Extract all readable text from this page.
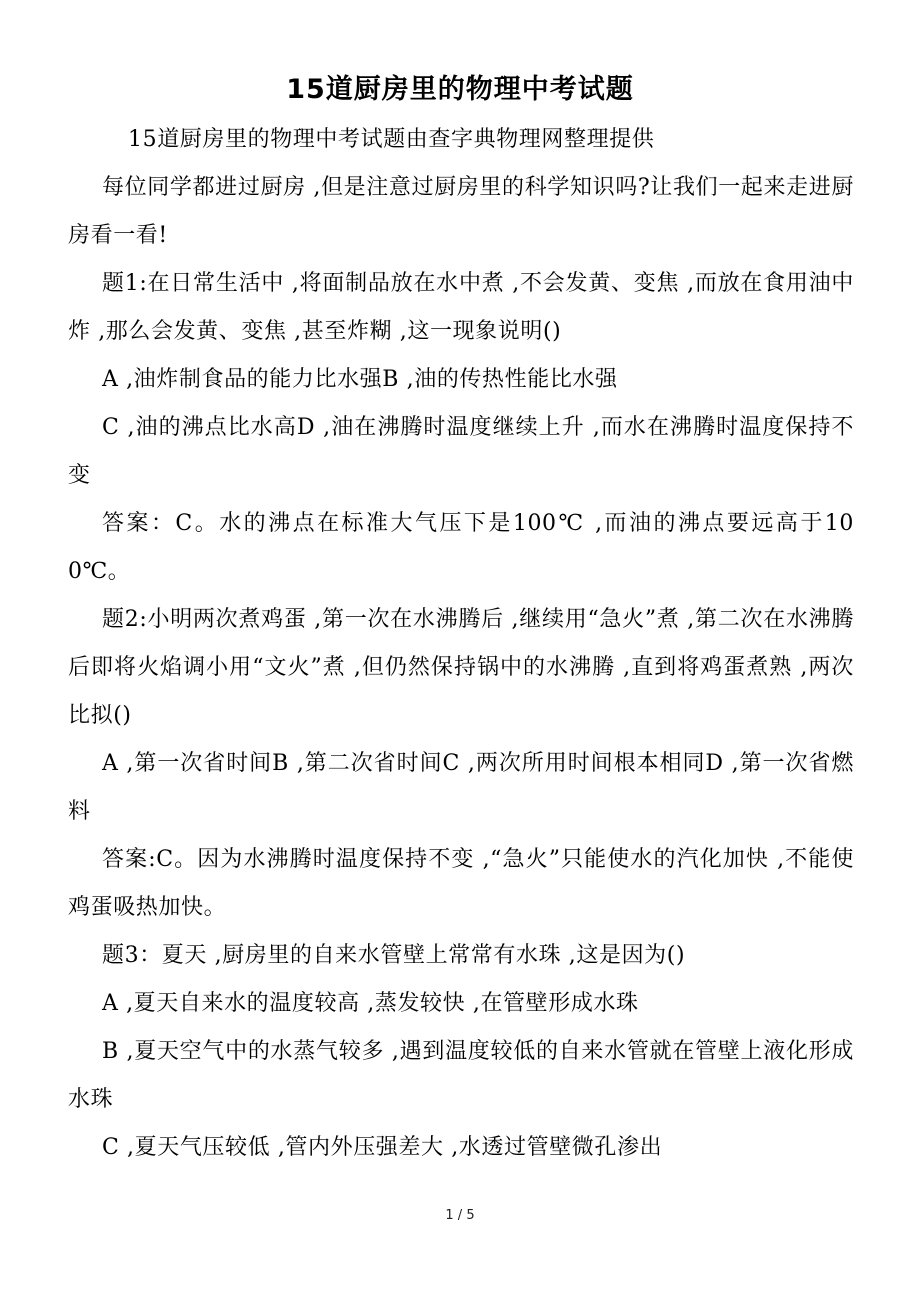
15道厨房里的物理中考试题

15道厨房里的物理中考试题由查字典物理网整理提供

每位同学都进过厨房 ,但是注意过厨房里的科学知识吗?让我们一起来走进厨房看一看!

题1:在日常生活中 ,将面制品放在水中煮 ,不会发黄、变焦 ,而放在食用油中炸 ,那么会发黄、变焦 ,甚至炸糊 ,这一现象说明()

A ,油炸制食品的能力比水强B ,油的传热性能比水强

C ,油的沸点比水高D ,油在沸腾时温度继续上升 ,而水在沸腾时温度保持不变

答案：C。水的沸点在标准大气压下是100℃ ,而油的沸点要远高于100℃。

题2:小明两次煮鸡蛋 ,第一次在水沸腾后 ,继续用“急火”煮 ,第二次在水沸腾后即将火焰调小用“文火”煮 ,但仍然保持锅中的水沸腾 ,直到将鸡蛋煮熟 ,两次比拟()

A ,第一次省时间B ,第二次省时间C ,两次所用时间根本相同D ,第一次省燃料

答案:C。因为水沸腾时温度保持不变 ,“急火”只能使水的汽化加快 ,不能使鸡蛋吸热加快。

题3：夏天 ,厨房里的自来水管壁上常常有水珠 ,这是因为()

A ,夏天自来水的温度较高 ,蒸发较快 ,在管壁形成水珠

B ,夏天空气中的水蒸气较多 ,遇到温度较低的自来水管就在管壁上液化形成水珠

C ,夏天气压较低 ,管内外压强差大 ,水透过管壁微孔渗出

1 / 5
